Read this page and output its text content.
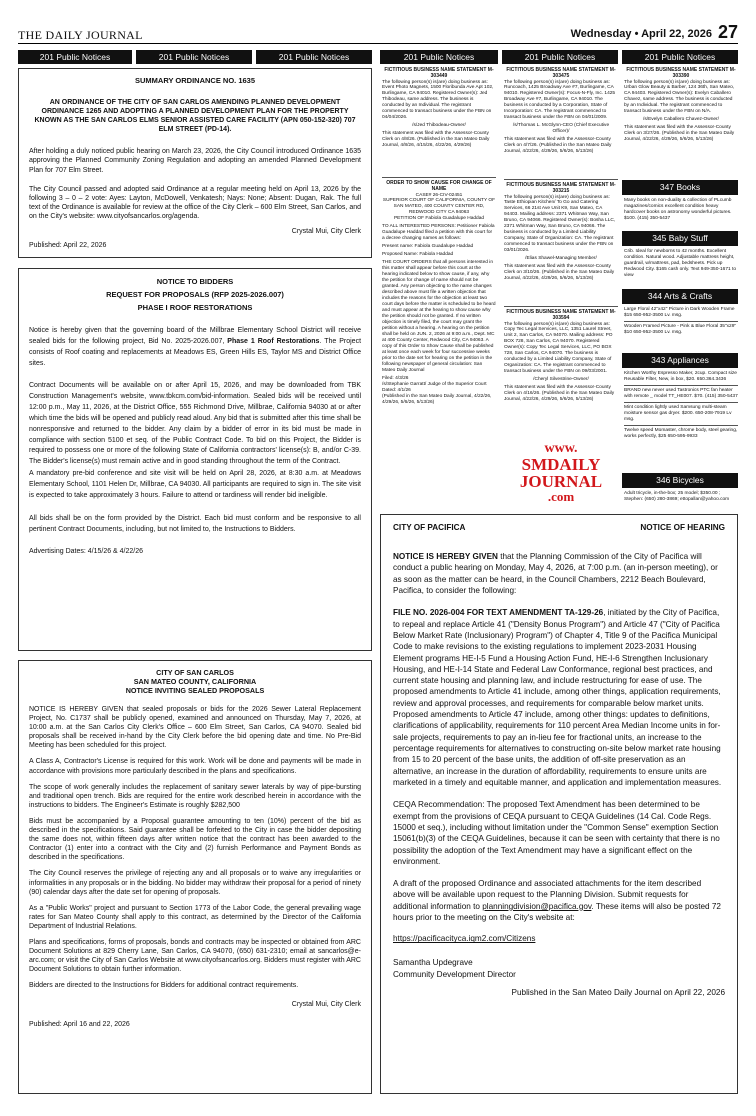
THE DAILY JOURNAL	Wednesday • April 22, 2026 27
201 Public Notices	201 Public Notices	201 Public Notices	201 Public Notices	201 Public Notices	201 Public Notices
SUMMARY ORDINANCE NO. 1635
AN ORDINANCE OF THE CITY OF SAN CARLOS AMENDING PLANNED DEVELOPMENT ORDINANCE 1265 AND ADOPTING A PLANNED DEVELOPMENT PLAN FOR THE PROPERTY KNOWN AS THE SAN CARLOS ELMS SENIOR ASSISTED CARE FACILITY (APN 050-152-320) 707 ELM STREET (PD-14).
After holding a duly noticed public hearing on March 23, 2026, the City Council introduced Ordinance 1635 approving the Planned Community Zoning Regulation and adopting an amended Planned Development Plan for 707 Elm Street.
The City Council passed and adopted said Ordinance at a regular meeting held on April 13, 2026 by the following 3 – 0 – 2 vote: Ayes: Layton, McDowell, Venkatesh; Nays: None; Absent: Dugan, Rak. The full text of the Ordinance is available for review at the office of the City Clerk – 600 Elm Street, San Carlos, and on the City's website: www.cityofsancarlos.org/agenda.
Crystal Mui, City Clerk
Published: April 22, 2026
NOTICE TO BIDDERS
REQUEST FOR PROPOSALS (RFP 2025-2026.007)
PHASE I ROOF RESTORATIONS
Notice is hereby given that the governing board of the Millbrae Elementary School District will receive sealed bids for the following project, Bid No. 2025-2026.007, Phase 1 Roof Restorations. The Project consists of Roof coating and replacements at Meadows ES, Green Hills ES, Taylor MS and District Office sites.
Contract Documents will be available on or after April 15, 2026, and may be downloaded from TBK Construction Management's website, www.tbkcm.com/bid-information. Sealed bids will be received until 12:00 p.m., May 11, 2026, at the District Office, 555 Richmond Drive, Millbrae, California 94030 at or after which time the bids will be opened and publicly read aloud. Any bid that is submitted after this time shall be nonresponsive and returned to the bidder. Any claim by a bidder of error in its bid must be made in compliance with section 5100 et seq. of the Public Contract Code. To bid on this Project, the Bidder is required to possess one or more of the following State of California contractors' license(s): B, and/or C-39. The Bidder's license(s) must remain active and in good standing throughout the term of the Contract.
A mandatory pre-bid conference and site visit will be held on April 28, 2026, at 8:30 a.m. at Meadows Elementary School, 1101 Helen Dr, Millbrae, CA 94030. All participants are required to sign in. The site visit is expected to take approximately 3 hours. Failure to attend or tardiness will render bid ineligible.
All bids shall be on the form provided by the District. Each bid must conform and be responsive to all pertinent Contract Documents, including, but not limited to, the Instructions to Bidders.
Advertising Dates: 4/15/26 & 4/22/26
CITY OF SAN CARLOS
SAN MATEO COUNTY, CALIFORNIA
NOTICE INVITING SEALED PROPOSALS
NOTICE IS HEREBY GIVEN that sealed proposals or bids for the 2026 Sewer Lateral Replacement Project, No. C1737 shall be publicly opened, examined and announced on Thursday, May 7, 2026, at 10:00 a.m. at the San Carlos City Clerk's Office – 600 Elm Street, San Carlos, CA 94070. Sealed bid proposals shall be received in-hand by the City Clerk before the bid opening date and time. No Pre-Bid Meeting has been scheduled for this project.
A Class A, Contractor's License is required for this work. Work will be done and payments will be made in accordance with provisions more particularly described in the plans and specifications.
The scope of work generally includes the replacement of sanitary sewer laterals by way of pipe-bursting and traditional open trench. Bids are required for the entire work described herein in accordance with the instructions to bidders. The Engineer's Estimate is roughly $282,500
Bids must be accompanied by a Proposal guarantee amounting to ten (10%) percent of the bid as described in the specifications. Said guarantee shall be forfeited to the City in case the bidder depositing the same does not, within fifteen days after written notice that the contract has been awarded to the Contractor (1) enter into a contract with the City and (2) furnish Performance and Payment Bonds as described in the specifications.
The City Council reserves the privilege of rejecting any and all proposals or to waive any irregularities or informalities in any proposals or in the bidding. No bidder may withdraw their proposal for a period of ninety (90) calendar days after the date set for opening of proposals.
As a "Public Works" project and pursuant to Section 1773 of the Labor Code, the general prevailing wage rates for San Mateo County shall apply to this contract, as determined by the Director of the California Department of Industrial Relations.
Plans and specifications, forms of proposals, bonds and contracts may be inspected or obtained from ARC Document Solutions at 829 Cherry Lane, San Carlos, CA 94070, (650) 631-2310; email at sancarlos@e-arc.com; or visit the City of San Carlos Website at www.cityofsancarlos.org. Bidders must register with ARC Document Solutions to obtain further information.
Bidders are directed to the Instructions for Bidders for additional contract requirements.
Crystal Mui, City Clerk
Published: April 16 and 22, 2026
FICTITIOUS BUSINESS NAME STATEMENT M-303449

The following person(s) is(are) doing business as: Event Photo Magnets, 1500 Floribunda Ave Apt 102, Burlingame, CA 94010. Registered Owner(s): Jed Thibodeau, same address. The business is conducted by an Individual. The registrant commenced to transact business under the FBN on 04/04/2026.

/s/Jed Thibodeau-Owner/

This statement was filed with the Assessor-County Clerk on 4/8/26. (Published in the San Mateo Daily Journal, 4/8/26, 4/15/26, 4/22/26, 4/29/26)

ORDER TO SHOW CAUSE FOR CHANGE OF NAME

CASE# 26-CIV-02451

SUPERIOR COURT OF CALIFORNIA, COUNTY OF SAN MATEO, 400 COUNTY CENTER RD, REDWOOD CITY CA 94063

PETITION OF Fabiola Guadalupe Haddad

TO ALL INTERESTED PERSONS: Petitioner Fabiola Guadalupe Haddad filed a petition with this court for a decree changing names as follows:

Present name: Fabiola Guadalupe Haddad

Proposed Name: Fabiola Haddad

THE COURT ORDERS that all persons interested in this matter shall appear before this court at the hearing indicated below to show cause, if any, why the petition for change of name should not be granted. Any person objecting to the name changes described above must file a written objection that includes the reasons for the objection at least two court days before the matter is scheduled to be heard and must appear at the hearing to show cause why the petition should not be granted. If no written objection is timely filed, the court may grant the petition without a hearing. A hearing on the petition shall be held on JUN. 2, 2026 at 9:00 a.m., Dept. MC at 400 County Center, Redwood City, CA 94063. A copy of this Order to Show Cause shall be published at least once each week for four successive weeks prior to the date set for hearing on the petition in the following newspaper of general circulation: San Mateo Daily Journal

Filed: 4/3/26

/s/Stephanie Garratt/ Judge of the Superior Court Dated: 4/1/26

(Published in the San Mateo Daily Journal, 4/22/26, 4/29/26, 5/6/26, 5/13/26)

FICTITIOUS BUSINESS NAME STATEMENT M-303475

The following person(s) is(are) doing business as: Runcoach, 1425 Broadway Ave #7, Burlingame, CA 94010. Registered Owner(s): Focus-N-Fly, Inc. 1425 Broadway Ave #7, Burlingame, CA 94010. The business is conducted by a Corporation, State of Incorporation: CA. The registrant commenced to transact business under the FBN on 04/01/2009.

/s/Thomas L. McGlynn-CEO (Chief Executive Officer)/

This statement was filed with the Assessor-County Clerk on 4/7/26. (Published in the San Mateo Daily Journal, 4/22/26, 4/29/26, 5/6/26, 5/13/26)

FICTITIOUS BUSINESS NAME STATEMENT M-303215

The following person(s) is(are) doing business as: Taste Ethiopian Kitchen/ To Go and Catering Services, 66 21st Ave Unit K9, San Mateo, CA 94403. Mailing address: 2371 Whitman Way, San Bruno, CA 94066. Registered Owner(s): Bosha LLC, 2371 Whitman Way, San Bruno, CA 94066. The business is conducted by a Limited Liability Company, State of Organization: CA. The registrant commenced to transact business under the FBN on 03/01/2026.

/Elias Shawel-Managing Member/

This statement was filed with the Assessor-County Clerk on 3/10/26. (Published in the San Mateo Daily Journal, 4/22/26, 4/29/26, 5/6/26, 5/13/26)

FICTITIOUS BUSINESS NAME STATEMENT M-303594

The following person(s) is(are) doing business as: Copy Tec Legal Services, LLC, 1351 Laurel Street, Unit 2, San Carlos, CA 94070. Mailing address: PO BOX 728, San Carlos, CA 94070. Registered Owner(s): Copy Tec Legal Services, LLC, PO BOX 728, San Carlos, CA 94070. The business is conducted by a Limited Liability Company, State of Organization: CA. The registrant commenced to transact business under the FBN on 09/03/2001.

/Cheryl Silvestrine-Owner/

This statement was filed with the Assessor-County Clerk on 4/16/26. (Published in the San Mateo Daily Journal, 4/22/26, 4/29/26, 5/6/26, 5/13/26)

www.
SMDAILY
JOURNAL
.com
FICTITIOUS BUSINESS NAME STATEMENT M-303390

The following person(s) is(are) doing business as: Urban Glow Beauty & Barber, 124 36th, San Mateo, CA 94403. Registered Owner(s): Evelyn Caballero Chavez, same address. The business is conducted by an Individual. The registrant commenced to transact business under the FBN on N/A.

/s/Evelyn Caballero Chavez-Owner/

This statement was filed with the Assessor-County Clerk on 3/27/26. (Published in the San Mateo Daily Journal, 4/22/26, 4/29/26, 5/6/26, 5/13/26)

347 Books

Many books on non-duality & collection of PLcumb magazines/comics excellent condition heavy hardcover books on astronomy wonderful pictures. $100. (415) 350-5437

345 Baby Stuff

Crib. Ideal for newborns to 42 months. Excellent condition. Natural wood. Adjustable mattress height, guardrail, w/mattress, pad, bedsheets. Pick up Redwood City. $165 cash only. Text 949-350-1671 to view

344 Arts & Crafts

Large Floral 42"x42" Picture in Dark Wooden Frame $15 650-952-3500 Lv. msg.

Wooden Framed Picture - Pink & Blue Floral 35"x29" $10 650-952-3500 Lv. msg.

343 Appliances

Kitchen Worthy Espresso Maker, 2cup. Compact size Reusable Filter, New, in box, $20. 650.364.3436

BRAND new never used Tastronics PTC fan heater with remote _ model TT_HE007. $70. (415) 350-5437

Mint condition lightly used Samsung multi-steam moisture sensor gas dryer. $200. 650-208-7919 Lv msg.

Twelve speed Momaster, chrome body, steel gearing, works perfectly, $25 650-595-9933

346 Bicycles

Adult tricycle, in-the-box; 25 model; $350.00 ; Stephen: (650) 280-3869; ettopallan@yahoo.com

CITY OF PACIFICA	NOTICE OF HEARING
NOTICE IS HEREBY GIVEN that the Planning Commission of the City of Pacifica will conduct a public hearing on Monday, May 4, 2026, at 7:00 p.m. (an in-person meeting), or as soon as the matter can be heard, in the Council Chambers, 2212 Beach Boulevard, Pacifica, to consider the following:
FILE NO. 2026-004 FOR TEXT AMENDMENT TA-129-26, initiated by the City of Pacifica, to repeal and replace Article 41 ("Density Bonus Program") and Article 47 ("City of Pacifica Below Market Rate (Inclusionary) Program") of Chapter 4, Title 9 of the Pacifica Municipal Code to make revisions to the existing regulations to implement 2023-2031 Housing Element programs HE-I-5 Fund a Housing Action Fund, HE-I-6 Strengthen Inclusionary Housing, and HE-I-14 State and Federal Law Conformance, regional best practices, and current state housing and planning law, and include restructuring for ease of use. The proposed amendments to Article 41 include, among other things, application requirements, review and approval processes, and requirements for comparable below market units. Proposed amendments to Article 47 include, among other things: updates to definitions, clarifications of applicability, requirements for 110 percent Area Median Income units in for-sale projects, requirements to pay an in-lieu fee for fractional units, an increase to the percentage requirements for alternatives to constructing on-site below market rate housing from 15 to 20 percent of the base units, the addition of off-site preservation as an alternative, an increase in the duration of affordability, requirements to ensure units are marketed in a timely and equitable manner, and application and implementation measures.
CEQA Recommendation: The proposed Text Amendment has been determined to be exempt from the provisions of CEQA pursuant to CEQA Guidelines (14 Cal. Code Regs. 15000 et seq.), including without limitation under the "Common Sense" exemption Section 15061(b)(3) of the CEQA Guidelines, because it can be seen with certainty that there is no possibility the adoption of the Text Amendment may have a significant effect on the environment.
A draft of the proposed Ordinance and associated attachments for the item described above will be available upon request to the Planning Division. Submit requests for additional information to planningdivision@pacifica.gov. These items will also be posted 72 hours prior to the meeting on the City's website at:
https://pacificacityca.iqm2.com/Citizens
Samantha Updegrave
Community Development Director
Published in the San Mateo Daily Journal on April 22, 2026
